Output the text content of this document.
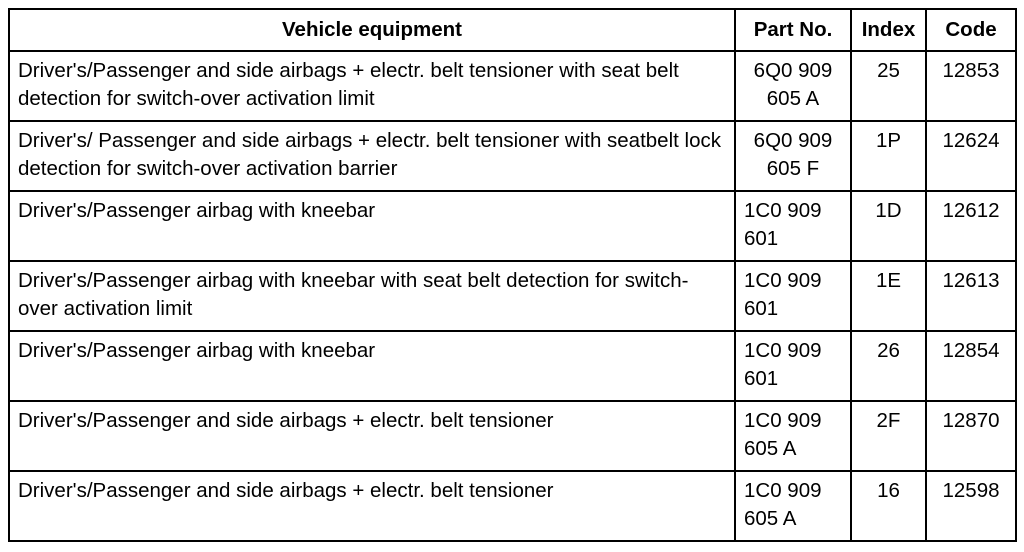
Vehicle equipment	Part No.	Index	Code
Driver's/Passenger and side airbags + electr. belt tensioner with seat belt detection for switch-over activation limit	6Q0 909 605 A	25	12853
Driver's/ Passenger and side airbags + electr. belt tensioner with seatbelt lock detection for switch-over activation barrier	6Q0 909 605 F	1P	12624
Driver's/Passenger airbag with kneebar	1C0 909 601	1D	12612
Driver's/Passenger airbag with kneebar with seat belt detection for switch-over activation limit	1C0 909 601	1E	12613
Driver's/Passenger airbag with kneebar	1C0 909 601	26	12854
Driver's/Passenger and side airbags + electr. belt tensioner	1C0 909 605 A	2F	12870
Driver's/Passenger and side airbags + electr. belt tensioner	1C0 909 605 A	16	12598
